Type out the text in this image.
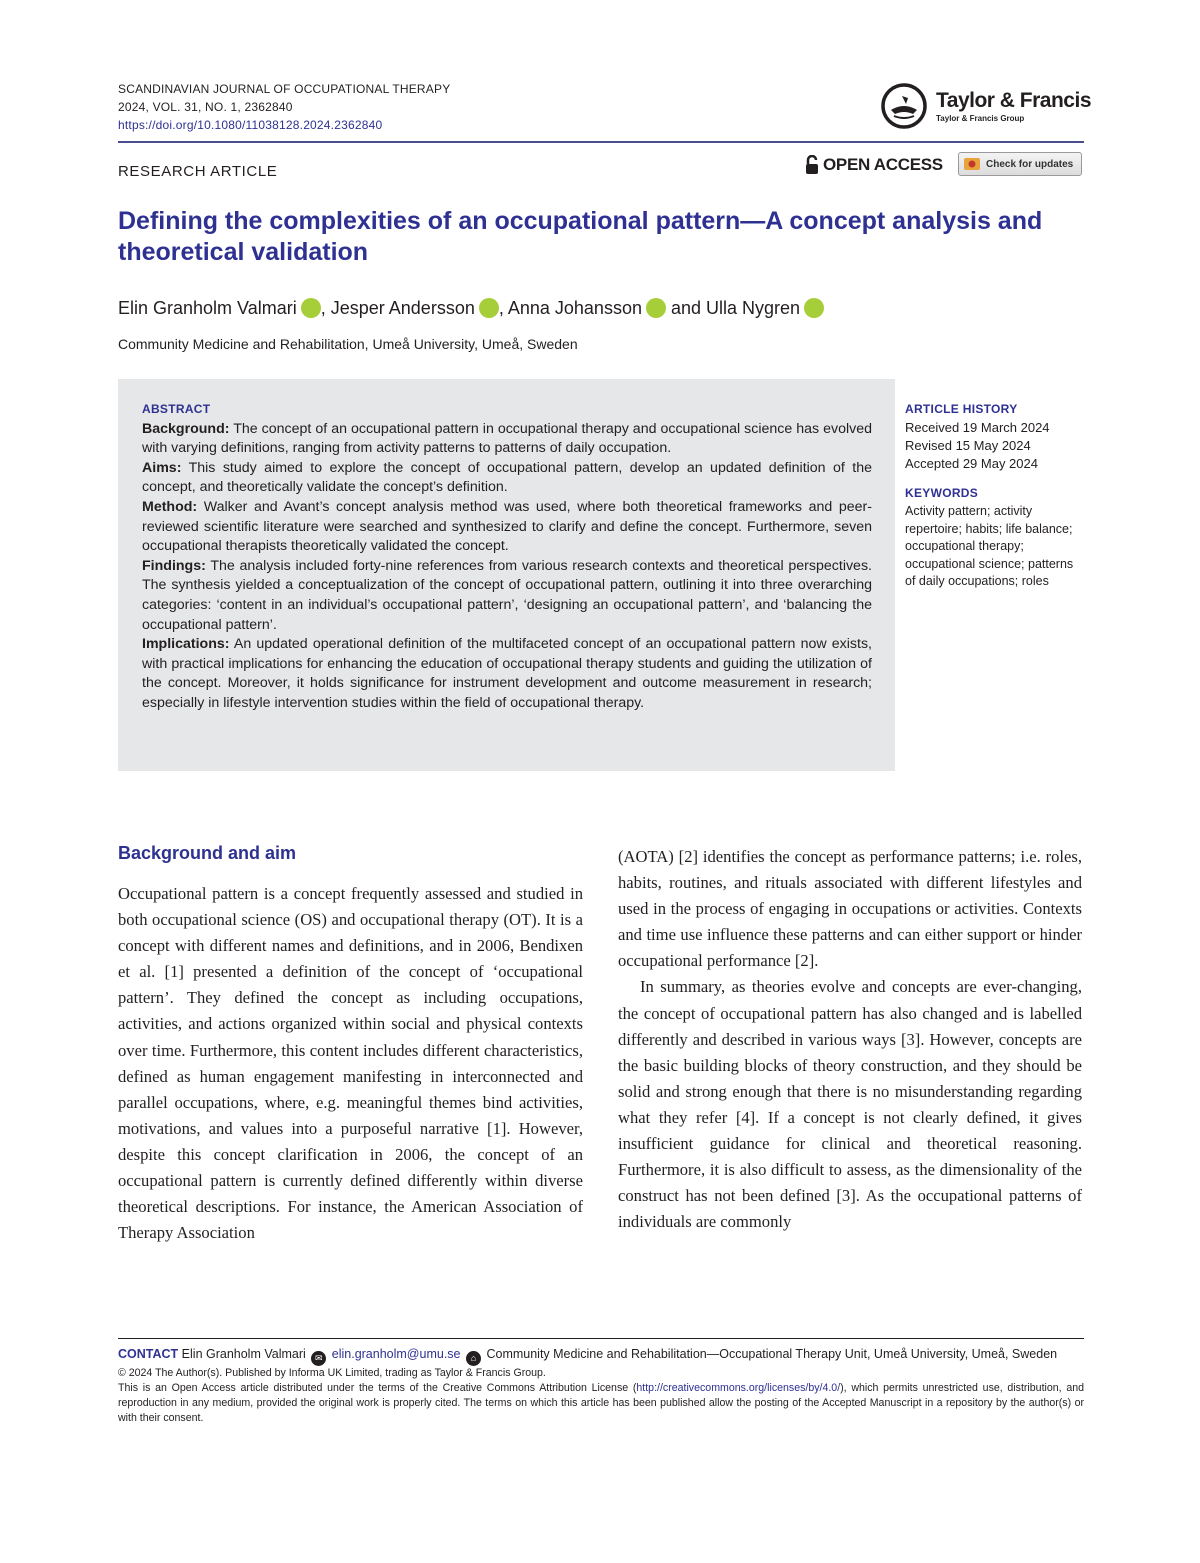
SCANDINAVIAN JOURNAL OF OCCUPATIONAL THERAPY
2024, VOL. 31, NO. 1, 2362840
https://doi.org/10.1080/11038128.2024.2362840
Taylor & Francis
Taylor & Francis Group
RESEARCH ARTICLE	OPEN ACCESS	Check for updates
Defining the complexities of an occupational pattern—A concept analysis and theoretical validation
Elin Granholm Valmari , Jesper Andersson , Anna Johansson and Ulla Nygren
Community Medicine and Rehabilitation, Umeå University, Umeå, Sweden
ABSTRACT

Background: The concept of an occupational pattern in occupational therapy and occupational science has evolved with varying definitions, ranging from activity patterns to patterns of daily occupation.

Aims: This study aimed to explore the concept of occupational pattern, develop an updated definition of the concept, and theoretically validate the concept’s definition.

Method: Walker and Avant’s concept analysis method was used, where both theoretical frameworks and peer-reviewed scientific literature were searched and synthesized to clarify and define the concept. Furthermore, seven occupational therapists theoretically validated the concept.

Findings: The analysis included forty-nine references from various research contexts and theoretical perspectives. The synthesis yielded a conceptualization of the concept of occupational pattern, outlining it into three overarching categories: ‘content in an individual’s occupational pattern’, ‘designing an occupational pattern’, and ‘balancing the occupational pattern’.

Implications: An updated operational definition of the multifaceted concept of an occupational pattern now exists, with practical implications for enhancing the education of occupational therapy students and guiding the utilization of the concept. Moreover, it holds significance for instrument development and outcome measurement in research; especially in lifestyle intervention studies within the field of occupational therapy.

ARTICLE HISTORY
Received 19 March 2024
Revised 15 May 2024
Accepted 29 May 2024
KEYWORDS
Activity pattern; activity repertoire; habits; life balance; occupational therapy; occupational science; patterns of daily occupations; roles
Background and aim

Occupational pattern is a concept frequently assessed and studied in both occupational science (OS) and occupational therapy (OT). It is a concept with different names and definitions, and in 2006, Bendixen et al. [1] presented a definition of the concept of ‘occupational pattern’. They defined the concept as including occupations, activities, and actions organized within social and physical contexts over time. Furthermore, this content includes different characteristics, defined as human engagement manifesting in interconnected and parallel occupations, where, e.g. meaningful themes bind activities, motivations, and values into a purposeful narrative [1]. However, despite this concept clarification in 2006, the concept of an occupational pattern is currently defined differently within diverse theoretical descriptions. For instance, the American Association of Therapy Association

(AOTA) [2] identifies the concept as performance patterns; i.e. roles, habits, routines, and rituals associated with different lifestyles and used in the process of engaging in occupations or activities. Contexts and time use influence these patterns and can either support or hinder occupational performance [2].

In summary, as theories evolve and concepts are ever-changing, the concept of occupational pattern has also changed and is labelled differently and described in various ways [3]. However, concepts are the basic building blocks of theory construction, and they should be solid and strong enough that there is no misunderstanding regarding what they refer [4]. If a concept is not clearly defined, it gives insufficient guidance for clinical and theoretical reasoning. Furthermore, it is also difficult to assess, as the dimensionality of the construct has not been defined [3]. As the occupational patterns of individuals are commonly

CONTACT Elin Granholm Valmari ✉ elin.granholm@umu.se ⌂ Community Medicine and Rehabilitation—Occupational Therapy Unit, Umeå University, Umeå, Sweden
© 2024 The Author(s). Published by Informa UK Limited, trading as Taylor & Francis Group.
This is an Open Access article distributed under the terms of the Creative Commons Attribution License (http://creativecommons.org/licenses/by/4.0/), which permits unrestricted use, distribution, and reproduction in any medium, provided the original work is properly cited. The terms on which this article has been published allow the posting of the Accepted Manuscript in a repository by the author(s) or with their consent.
